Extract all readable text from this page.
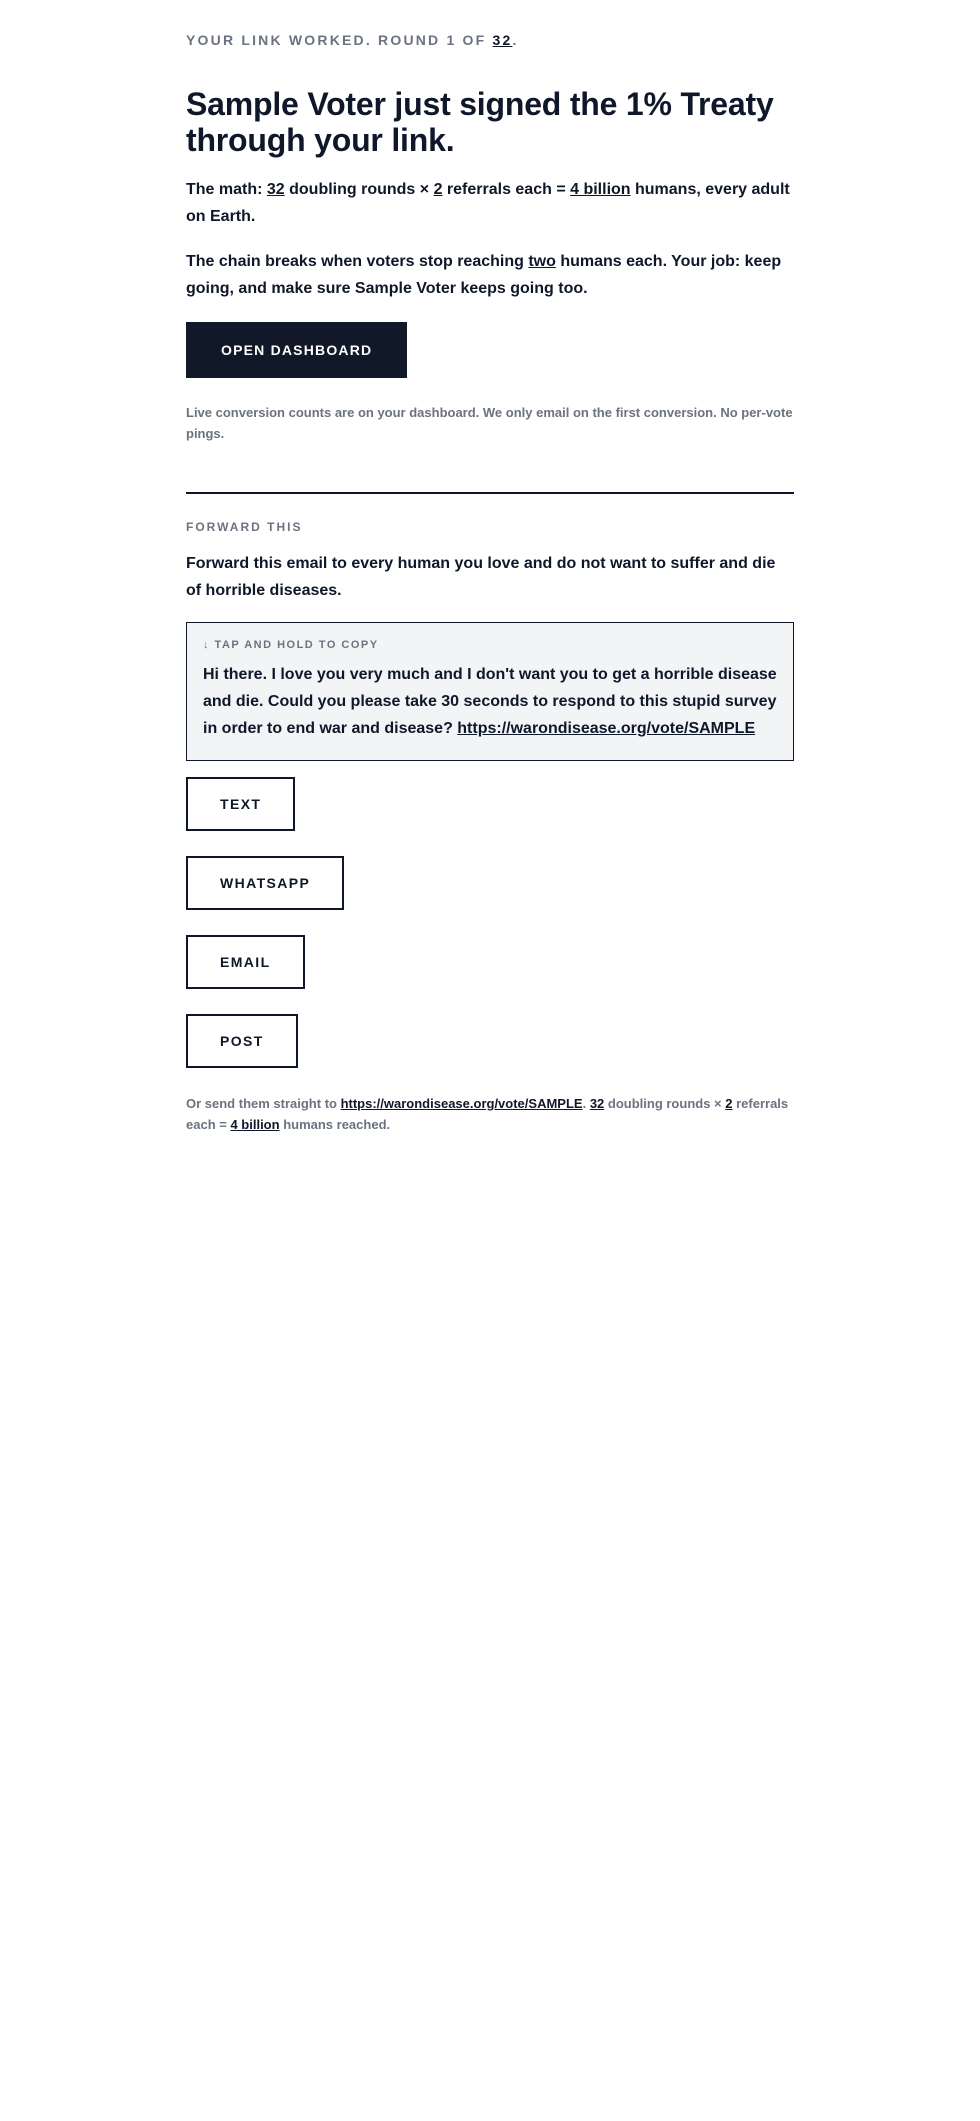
YOUR LINK WORKED. ROUND 1 OF 32.

Sample Voter just signed the 1% Treaty through your link.

The math: 32 doubling rounds × 2 referrals each = 4 billion humans, every adult on Earth.

The chain breaks when voters stop reaching two humans each. Your job: keep going, and make sure Sample Voter keeps going too.

OPEN DASHBOARD

Live conversion counts are on your dashboard. We only email on the first conversion. No per-vote pings.

FORWARD THIS

Forward this email to every human you love and do not want to suffer and die of horrible diseases.

↓ TAP AND HOLD TO COPY

Hi there. I love you very much and I don't want you to get a horrible disease and die. Could you please take 30 seconds to respond to this stupid survey in order to end war and disease? https://warondisease.org/vote/SAMPLE

TEXT
WHATSAPP
EMAIL
POST

Or send them straight to https://warondisease.org/vote/SAMPLE. 32 doubling rounds × 2 referrals each = 4 billion humans reached.
